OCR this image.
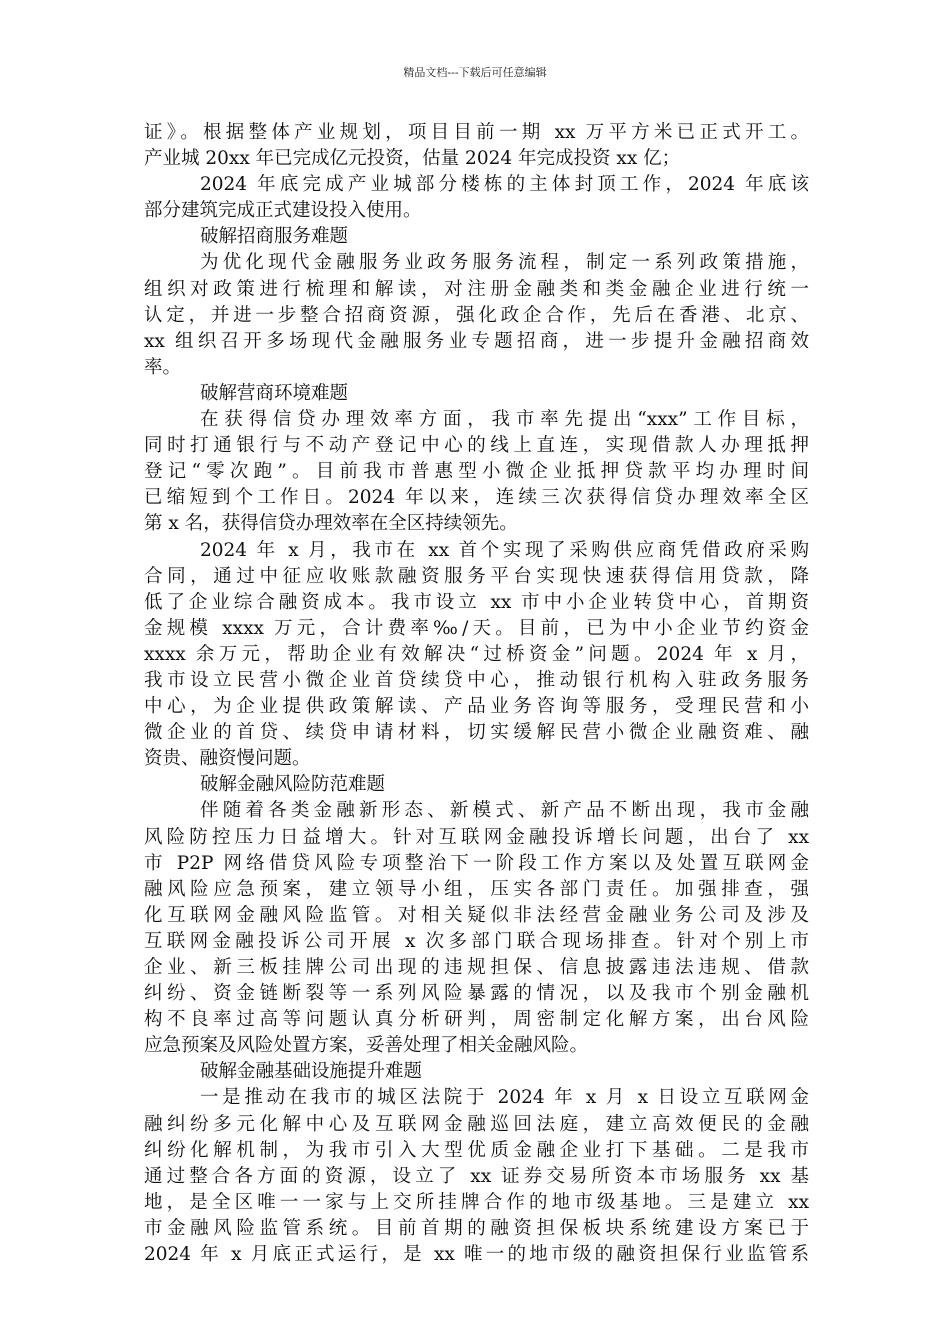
精品文档---下载后可任意编辑
证》。根据整体产业规划，项目目前一期 xx 万平方米已正式开工。
产业城 20xx 年已完成亿元投资，估量 2024 年完成投资 xx 亿；
2024 年底完成产业城部分楼栋的主体封顶工作，2024 年底该
部分建筑完成正式建设投入使用。
破解招商服务难题
为优化现代金融服务业政务服务流程，制定一系列政策措施，
组织对政策进行梳理和解读，对注册金融类和类金融企业进行统一
认定，并进一步整合招商资源，强化政企合作，先后在香港、北京、
xx 组织召开多场现代金融服务业专题招商，进一步提升金融招商效
率。
破解营商环境难题
在获得信贷办理效率方面，我市率先提出“xxx”工作目标，
同时打通银行与不动产登记中心的线上直连，实现借款人办理抵押
登记“零次跑”。目前我市普惠型小微企业抵押贷款平均办理时间
已缩短到个工作日。2024 年以来，连续三次获得信贷办理效率全区
第 x 名，获得信贷办理效率在全区持续领先。
2024 年 x 月，我市在 xx 首个实现了采购供应商凭借政府采购
合同，通过中征应收账款融资服务平台实现快速获得信用贷款，降
低了企业综合融资成本。我市设立 xx 市中小企业转贷中心，首期资
金规模 xxxx 万元，合计费率‰/天。目前，已为中小企业节约资金
xxxx 余万元，帮助企业有效解决“过桥资金”问题。2024 年 x 月，
我市设立民营小微企业首贷续贷中心，推动银行机构入驻政务服务
中心，为企业提供政策解读、产品业务咨询等服务，受理民营和小
微企业的首贷、续贷申请材料，切实缓解民营小微企业融资难、融
资贵、融资慢问题。
破解金融风险防范难题
伴随着各类金融新形态、新模式、新产品不断出现，我市金融
风险防控压力日益增大。针对互联网金融投诉增长问题，出台了 xx
市 P2P 网络借贷风险专项整治下一阶段工作方案以及处置互联网金
融风险应急预案，建立领导小组，压实各部门责任。加强排查，强
化互联网金融风险监管。对相关疑似非法经营金融业务公司及涉及
互联网金融投诉公司开展 x 次多部门联合现场排查。针对个别上市
企业、新三板挂牌公司出现的违规担保、信息披露违法违规、借款
纠纷、资金链断裂等一系列风险暴露的情况，以及我市个别金融机
构不良率过高等问题认真分析研判，周密制定化解方案，出台风险
应急预案及风险处置方案，妥善处理了相关金融风险。
破解金融基础设施提升难题
一是推动在我市的城区法院于 2024 年 x 月 x 日设立互联网金
融纠纷多元化解中心及互联网金融巡回法庭，建立高效便民的金融
纠纷化解机制，为我市引入大型优质金融企业打下基础。二是我市
通过整合各方面的资源，设立了 xx 证券交易所资本市场服务 xx 基
地，是全区唯一一家与上交所挂牌合作的地市级基地。三是建立 xx
市金融风险监管系统。目前首期的融资担保板块系统建设方案已于
2024 年 x 月底正式运行，是 xx 唯一的地市级的融资担保行业监管系
